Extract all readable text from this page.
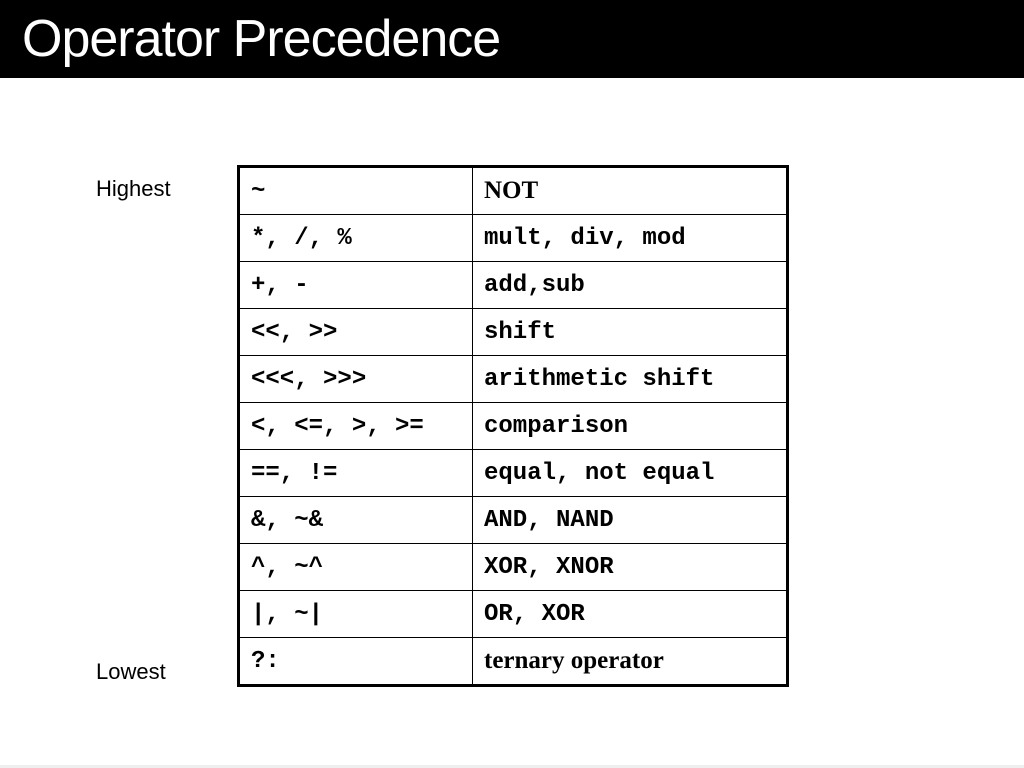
Operator Precedence
Highest
Lowest
~	NOT
*, /, %	mult, div, mod
+, -	add,sub
<<, >>	shift
<<<, >>>	arithmetic shift
<, <=, >, >=	comparison
==, !=	equal, not equal
&, ~&	AND, NAND
^, ~^	XOR, XNOR
|, ~|	OR, XOR
?:	ternary operator
